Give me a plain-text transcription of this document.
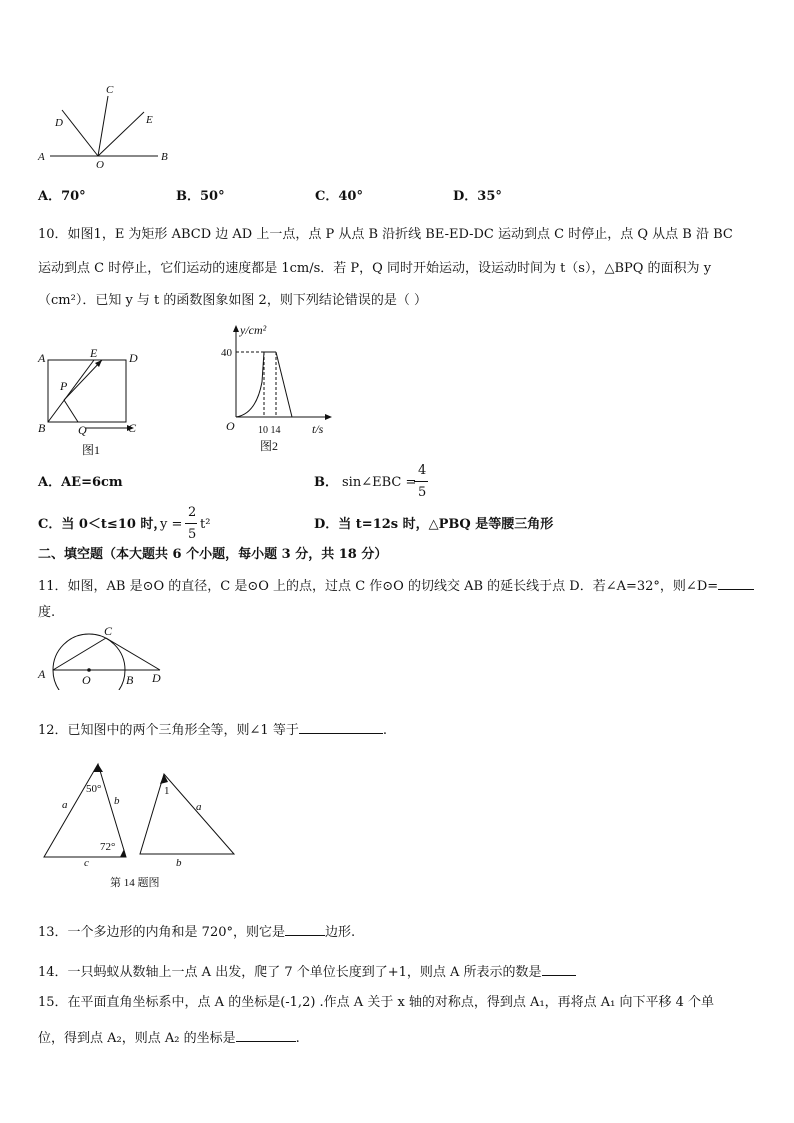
A	B
C
D	E
O
A．70°	B．50°	C．40°	D．35°
10．如图1，E 为矩形 ABCD 边 AD 上一点，点 P 从点 B 沿折线 BE-ED-DC 运动到点 C 时停止，点 Q 从点 B 沿 BC
运动到点 C 时停止，它们运动的速度都是 1cm/s．若 P，Q 同时开始运动，设运动时间为 t（s），△BPQ 的面积为 y
（cm²）．已知 y 与 t 的函数图象如图 2，则下列结论错误的是（ ）
A	D
E
P
B	Q	C
图1
y/cm²
40
O 10 14	t/s
图2
A．AE=6cm	B． sin∠EBC =
4
5
C．当 0＜t≤10 时，
y =
2
5
t²	D．当 t=12s 时，△PBQ 是等腰三角形
二、填空题（本大题共 6 个小题，每小题 3 分，共 18 分）
11．如图，AB 是⊙O 的直径，C 是⊙O 上的点，过点 C 作⊙O 的切线交 AB 的延长线于点 D．若∠A=32°，则∠D=
度.
A	O	B
C
D
12．已知图中的两个三角形全等，则∠1 等于	.
a	b
c
50°
72°
1
a
b
第 14 题图
13．一个多边形的内角和是 720°，则它是	边形.
14．一只蚂蚁从数轴上一点 A 出发，爬了 7 个单位长度到了+1，则点 A 所表示的数是
15．在平面直角坐标系中，点 A 的坐标是(-1,2) .作点 A 关于 x 轴的对称点，得到点 A₁，再将点 A₁ 向下平移 4 个单
位，得到点 A₂，则点 A₂ 的坐标是	.
